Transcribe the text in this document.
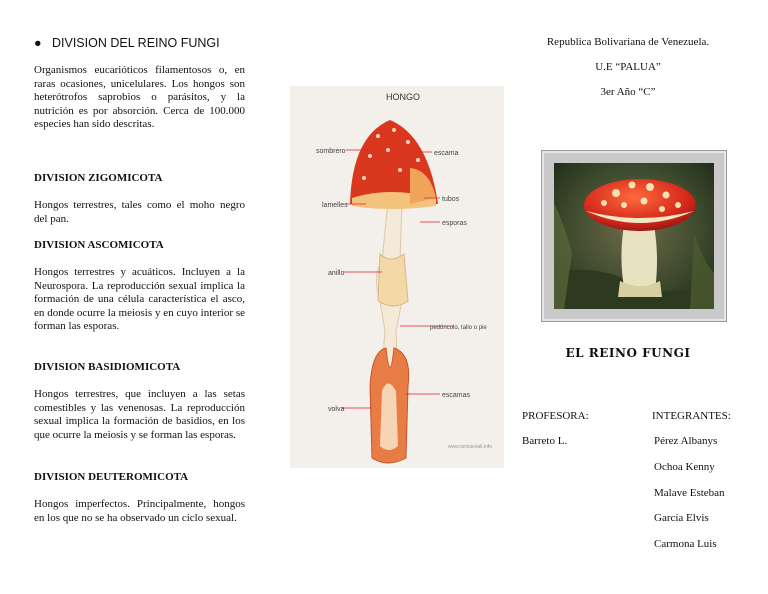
● DIVISION DEL REINO FUNGI
Organismos eucarióticos filamentosos o, en raras ocasiones, unicelulares. Los hongos son heterótrofos saprobios o parásitos, y la nutrición es por absorción. Cerca de 100.000 especies han sido descritas.
DIVISION ZIGOMICOTA
Hongos terrestres, tales como el moho negro del pan.
DIVISION ASCOMICOTA
Hongos terrestres y acuáticos. Incluyen a la Neurospora. La reproducción sexual implica la formación de una célula característica el asco, en donde ocurre la meiosis y en cuyo interior se forman las esporas.
DIVISION BASIDIOMICOTA
Hongos terrestres, que incluyen a las setas comestibles y las venenosas. La reproducción sexual implica la formación de basidios, en los que ocurre la meiosis y se forman las esporas.
DIVISION DEUTEROMICOTA
Hongos imperfectos. Principalmente, hongos en los que no se ha observado un ciclo sexual.
HONGO
sombrero	escama
lamelles
tubos
esporas
anillo
pedúnculo, tallo o pie
volva
escamas
www.ariniaesali.info
Republica Bolivariana de Venezuela.
U.E “PALUA”
3er Año “C”
EL REINO FUNGI
PROFESORA:
Barreto L.
INTEGRANTES:
Pérez Albanys
Ochoa Kenny
Malave Esteban
García Elvis
Carmona Luis
